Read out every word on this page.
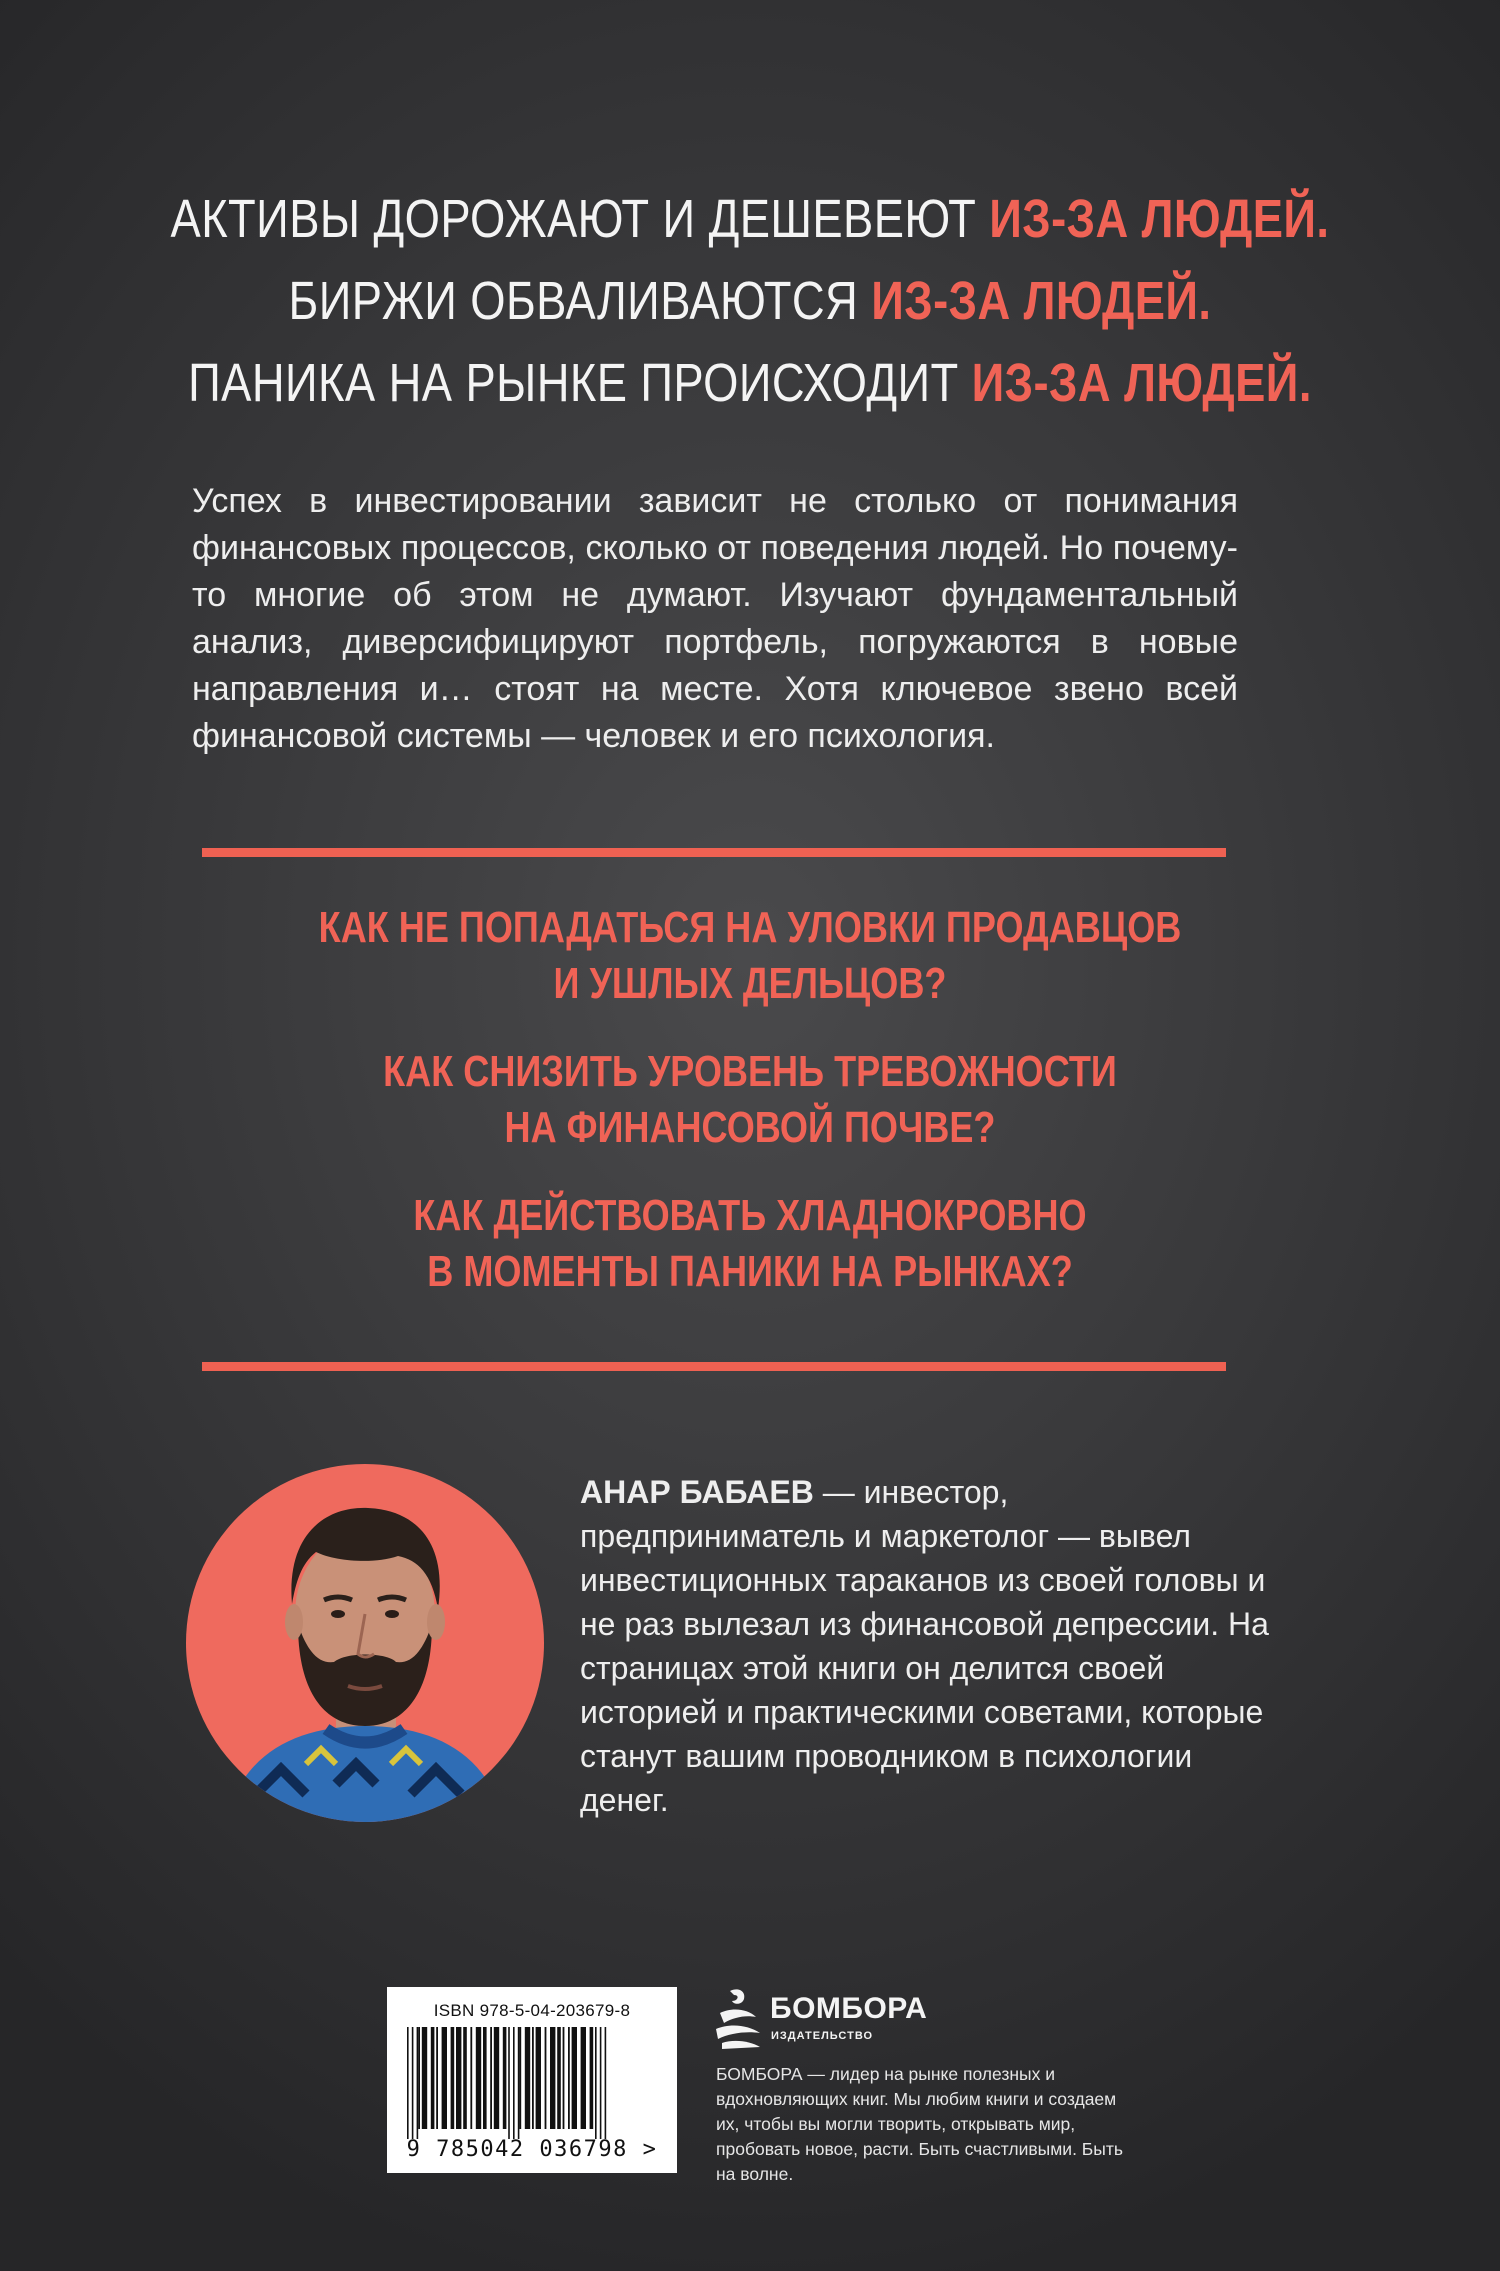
АКТИВЫ ДОРОЖАЮТ И ДЕШЕВЕЮТ ИЗ-ЗА ЛЮДЕЙ.
БИРЖИ ОБВАЛИВАЮТСЯ ИЗ-ЗА ЛЮДЕЙ.
ПАНИКА НА РЫНКЕ ПРОИСХОДИТ ИЗ-ЗА ЛЮДЕЙ.
Успех в инвестировании зависит не столько от понимания финансовых процессов, сколько от поведения людей. Но почему-то многие об этом не думают. Изучают фундаментальный анализ, диверсифицируют портфель, погружаются в новые направления и… стоят на месте. Хотя ключевое звено всей финансовой системы — человек и его психология.
КАК НЕ ПОПАДАТЬСЯ НА УЛОВКИ ПРОДАВЦОВ
И УШЛЫХ ДЕЛЬЦОВ?
КАК СНИЗИТЬ УРОВЕНЬ ТРЕВОЖНОСТИ
НА ФИНАНСОВОЙ ПОЧВЕ?
КАК ДЕЙСТВОВАТЬ ХЛАДНОКРОВНО
В МОМЕНТЫ ПАНИКИ НА РЫНКАХ?
АНАР БАБАЕВ — инвестор, предприниматель и маркетолог — вывел инвестиционных тараканов из своей головы и не раз вылезал из финансовой депрессии. На страницах этой книги он делится своей историей и практическими советами, которые станут вашим проводником в психологии денег.
ISBN 978-5-04-203679-8
9 785042 036798 >
БОМБОРА
ИЗДАТЕЛЬСТВО
БОМБОРА — лидер на рынке полезных и вдохновляющих книг. Мы любим книги и создаем их, чтобы вы могли творить, открывать мир, пробовать новое, расти. Быть счастливыми. Быть на волне.
